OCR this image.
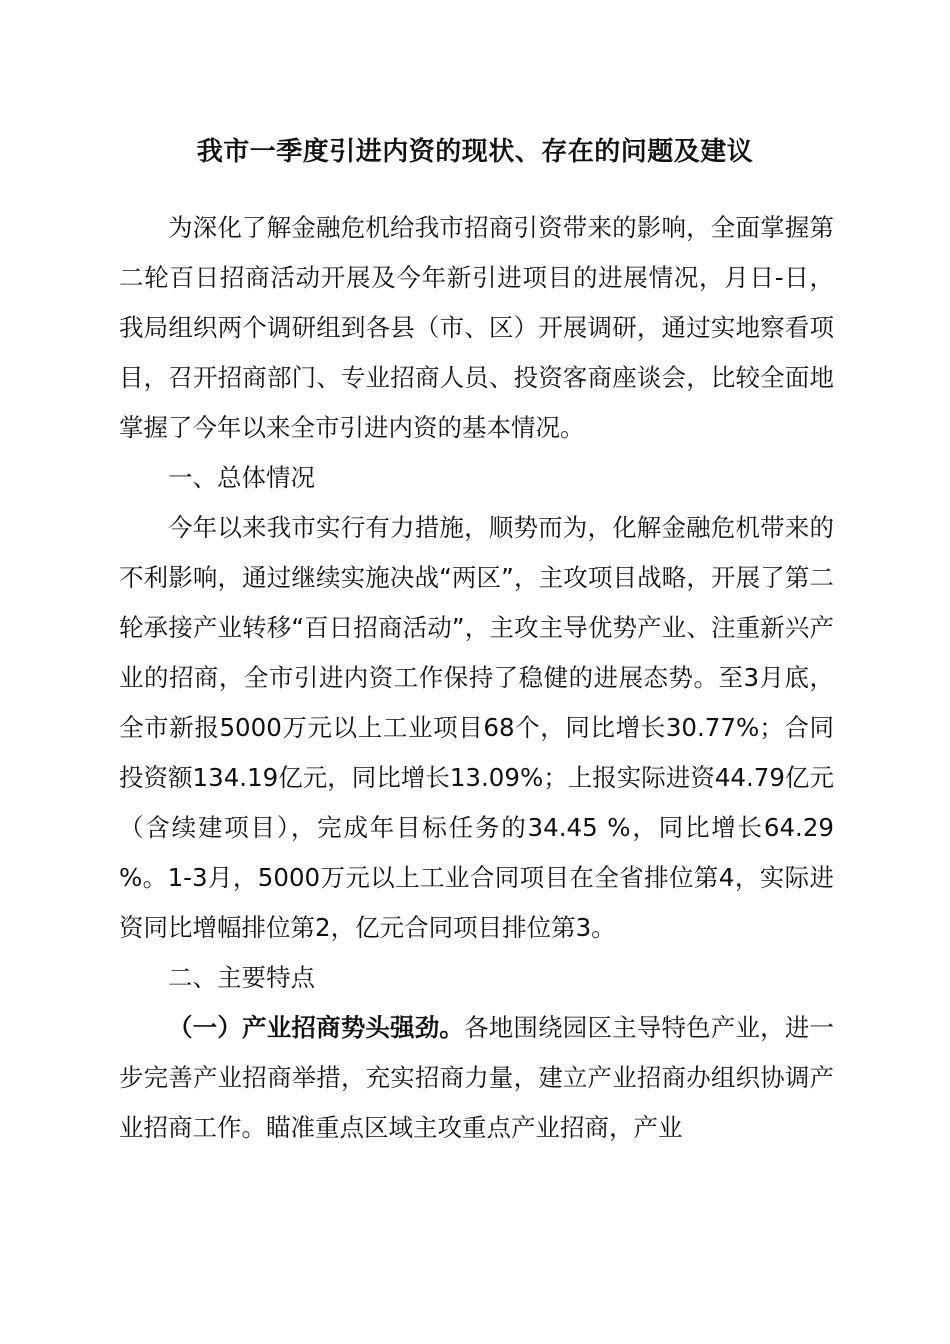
我市一季度引进内资的现状、存在的问题及建议

为深化了解金融危机给我市招商引资带来的影响，全面掌握第二轮百日招商活动开展及今年新引进项目的进展情况，月日-日，我局组织两个调研组到各县（市、区）开展调研，通过实地察看项目，召开招商部门、专业招商人员、投资客商座谈会，比较全面地掌握了今年以来全市引进内资的基本情况。

一、总体情况

今年以来我市实行有力措施，顺势而为，化解金融危机带来的不利影响，通过继续实施决战“两区”，主攻项目战略，开展了第二轮承接产业转移“百日招商活动”，主攻主导优势产业、注重新兴产业的招商，全市引进内资工作保持了稳健的进展态势。至3月底，全市新报5000万元以上工业项目68个，同比增长30.77%；合同投资额134.19亿元，同比增长13.09%；上报实际进资44.79亿元（含续建项目），完成年目标任务的34.45 %，同比增长64.29 %。1-3月，5000万元以上工业合同项目在全省排位第4，实际进资同比增幅排位第2，亿元合同项目排位第3。

二、主要特点

（一）产业招商势头强劲。各地围绕园区主导特色产业，进一步完善产业招商举措，充实招商力量，建立产业招商办组织协调产业招商工作。瞄准重点区域主攻重点产业招商，产业
